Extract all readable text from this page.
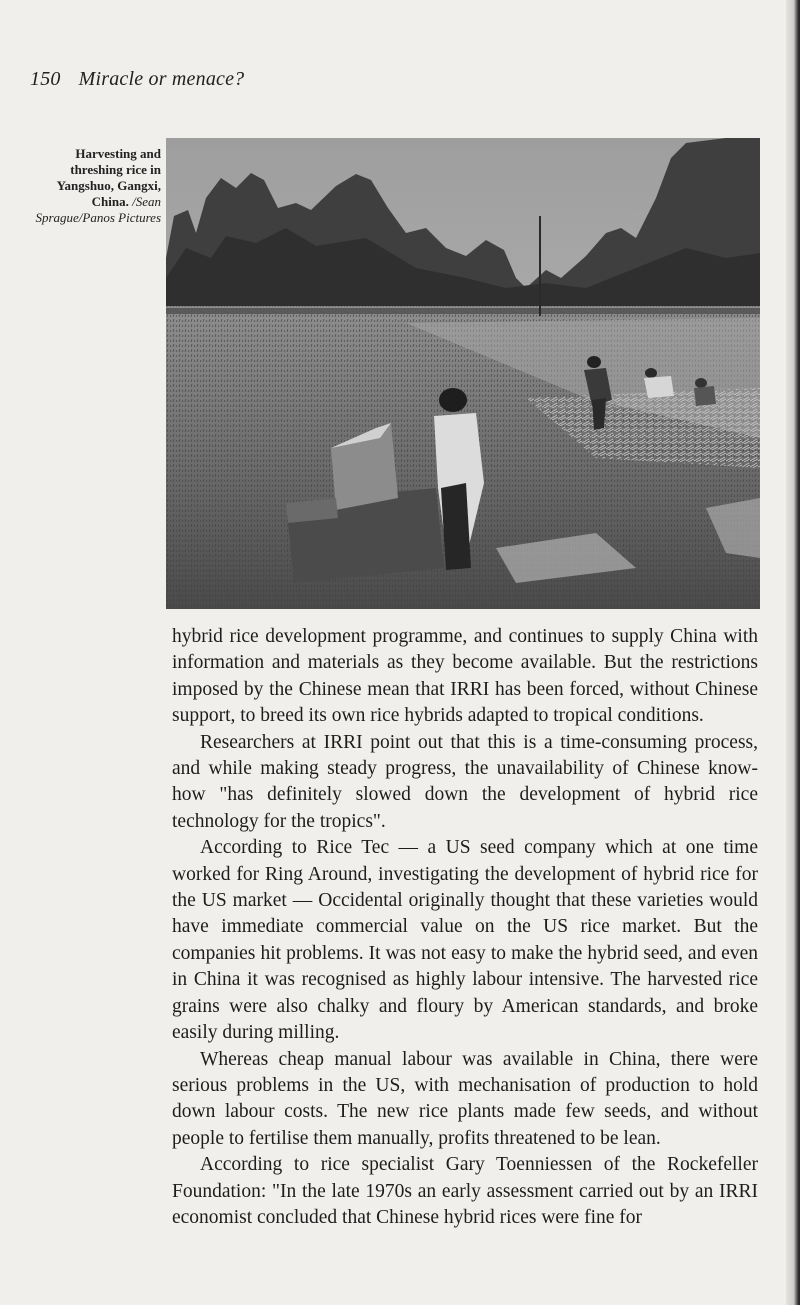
150 Miracle or menace?
Harvesting and threshing rice in Yangshuo, Gangxi, China. /Sean Sprague/Panos Pictures

hybrid rice development programme, and continues to supply China with information and materials as they become available. But the restrictions imposed by the Chinese mean that IRRI has been forced, without Chinese support, to breed its own rice hybrids adapted to tropical conditions.

Researchers at IRRI point out that this is a time-consuming process, and while making steady progress, the unavailability of Chinese know-how "has definitely slowed down the development of hybrid rice technology for the tropics".

According to Rice Tec — a US seed company which at one time worked for Ring Around, investigating the development of hybrid rice for the US market — Occidental originally thought that these varieties would have immediate commercial value on the US rice market. But the companies hit problems. It was not easy to make the hybrid seed, and even in China it was recognised as highly labour intensive. The harvested rice grains were also chalky and floury by American standards, and broke easily during milling.

Whereas cheap manual labour was available in China, there were serious problems in the US, with mechanisation of production to hold down labour costs. The new rice plants made few seeds, and without people to fertilise them manually, profits threatened to be lean.

According to rice specialist Gary Toenniessen of the Rockefeller Foundation: "In the late 1970s an early assessment carried out by an IRRI economist concluded that Chinese hybrid rices were fine for
